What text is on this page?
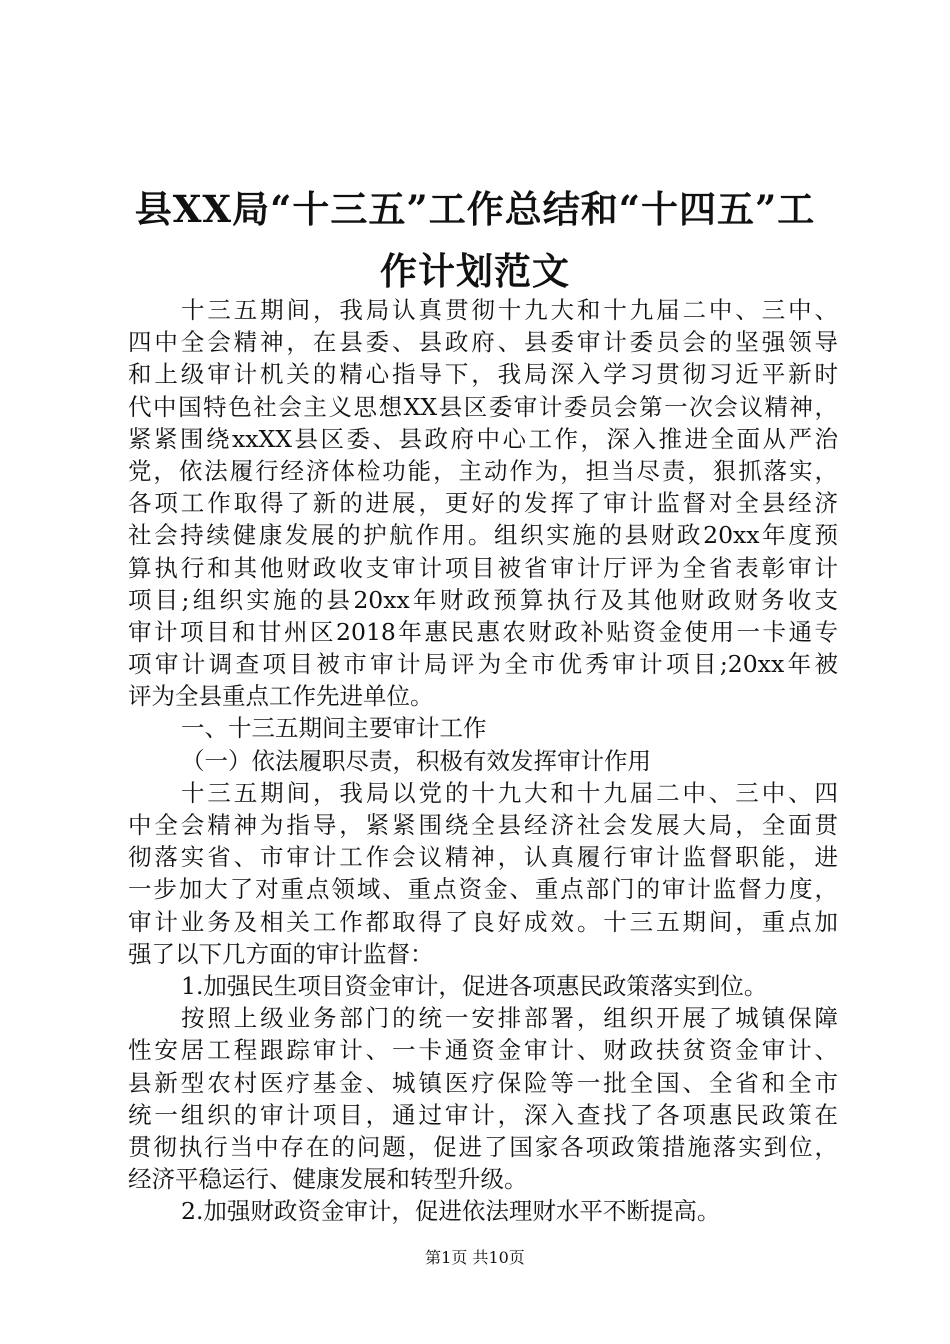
县XX局“十三五”工作总结和“十四五”工
作计划范文
十三五期间，我局认真贯彻十九大和十九届二中、三中、
四中全会精神，在县委、县政府、县委审计委员会的坚强领导
和上级审计机关的精心指导下，我局深入学习贯彻习近平新时
代中国特色社会主义思想XX县区委审计委员会第一次会议精神，
紧紧围绕xxXX县区委、县政府中心工作，深入推进全面从严治
党，依法履行经济体检功能，主动作为，担当尽责，狠抓落实，
各项工作取得了新的进展，更好的发挥了审计监督对全县经济
社会持续健康发展的护航作用。组织实施的县财政20xx年度预
算执行和其他财政收支审计项目被省审计厅评为全省表彰审计
项目;组织实施的县20xx年财政预算执行及其他财政财务收支
审计项目和甘州区2018年惠民惠农财政补贴资金使用一卡通专
项审计调查项目被市审计局评为全市优秀审计项目;20xx年被
评为全县重点工作先进单位。
一、十三五期间主要审计工作
（一）依法履职尽责，积极有效发挥审计作用
十三五期间，我局以党的十九大和十九届二中、三中、四
中全会精神为指导，紧紧围绕全县经济社会发展大局，全面贯
彻落实省、市审计工作会议精神，认真履行审计监督职能，进
一步加大了对重点领域、重点资金、重点部门的审计监督力度，
审计业务及相关工作都取得了良好成效。十三五期间，重点加
强了以下几方面的审计监督：
1.加强民生项目资金审计，促进各项惠民政策落实到位。
按照上级业务部门的统一安排部署，组织开展了城镇保障
性安居工程跟踪审计、一卡通资金审计、财政扶贫资金审计、
县新型农村医疗基金、城镇医疗保险等一批全国、全省和全市
统一组织的审计项目，通过审计，深入查找了各项惠民政策在
贯彻执行当中存在的问题，促进了国家各项政策措施落实到位，
经济平稳运行、健康发展和转型升级。
2.加强财政资金审计，促进依法理财水平不断提高。
第1页 共10页
